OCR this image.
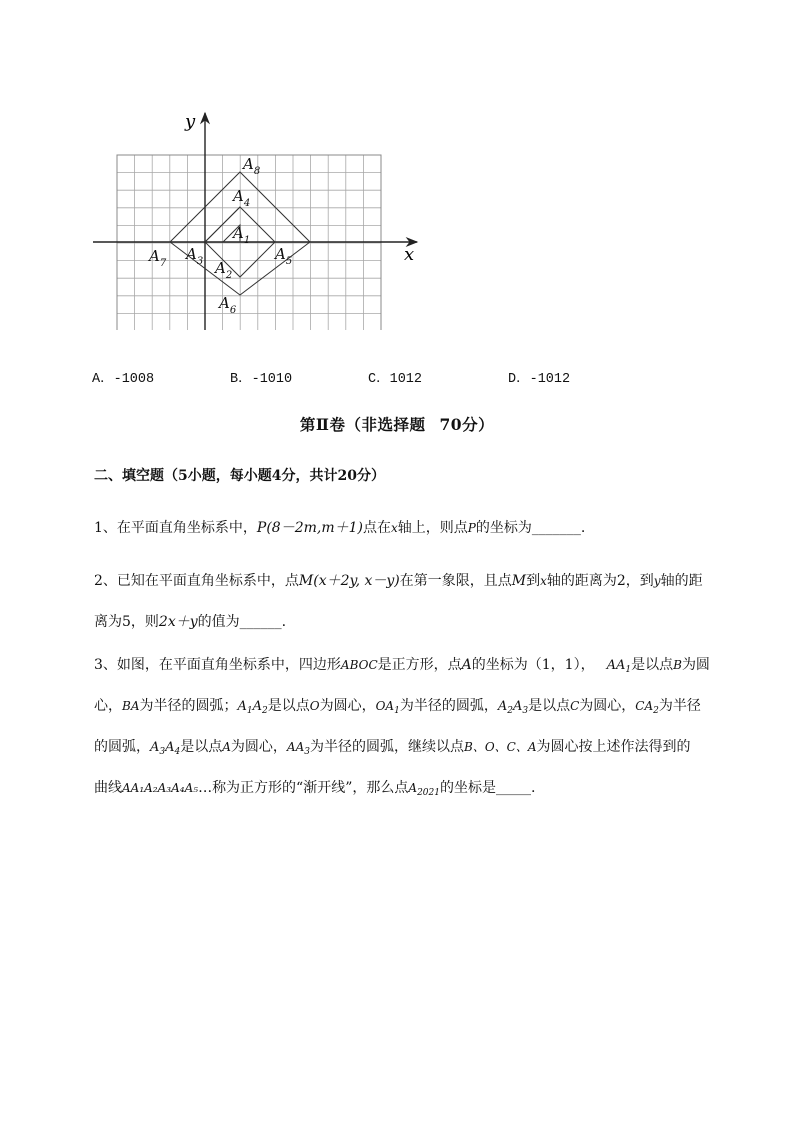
y
x
$A_8$
$A_4$
$A_1$
$A_7$
$A_3$ $A_2$
$A_5$
$A_6$
A．-1008	B．-1010	C．1012	D．-1012
第Ⅱ卷（非选择题 70分）
二、填空题（5小题，每小题4分，共计20分）
1、在平面直角坐标系中，P(8－2m,m＋1)点在x轴上，则点P的坐标为_______.
2、已知在平面直角坐标系中，点M(x＋2y, x－y)在第一象限，且点M到x轴的距离为2，到y轴的距
离为5，则2x＋y的值为______.
3、如图，在平面直角坐标系中，四边形ABOC是正方形，点A的坐标为（1，1）， $AA_1$是以点B为圆
心，BA为半径的圆弧；$A_1A_2$是以点O为圆心，$OA_1$为半径的圆弧，$A_2A_3$是以点C为圆心，$CA_2$为半径
的圆弧，$A_3A_4$是以点A为圆心，$AA_3$为半径的圆弧，继续以点B、O、C、A为圆心按上述作法得到的
曲线AA₁A₂A₃A₄A₅…称为正方形的“渐开线”，那么点$A_{2021}$的坐标是_____.
